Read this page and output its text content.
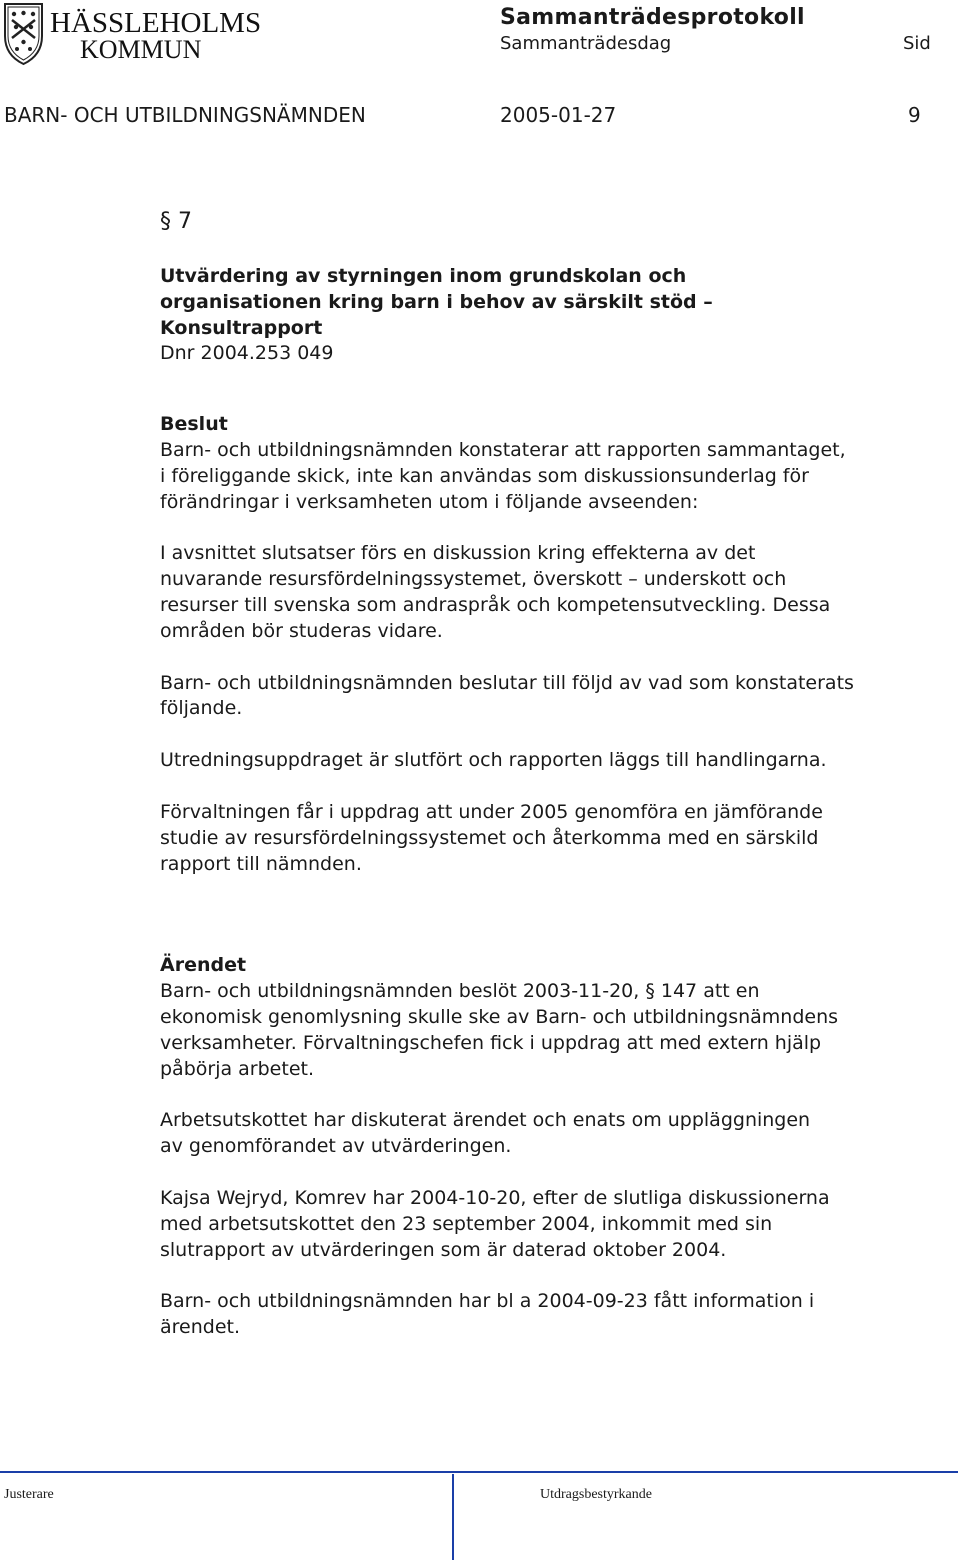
HÄSSLEHOLMS
KOMMUN
Sammanträdesprotokoll
Sammanträdesdag	Sid
BARN- OCH UTBILDNINGSNÄMNDEN	2005-01-27	9
§ 7
Utvärdering av styrningen inom grundskolan och
organisationen kring barn i behov av särskilt stöd –
Konsultrapport
Dnr 2004.253 049
Beslut

Barn- och utbildningsnämnden konstaterar att rapporten sammantaget,
i föreliggande skick, inte kan användas som diskussionsunderlag för
förändringar i verksamheten utom i följande avseenden:

I avsnittet slutsatser förs en diskussion kring effekterna av det
nuvarande resursfördelningssystemet, överskott – underskott och
resurser till svenska som andraspråk och kompetensutveckling. Dessa
områden bör studeras vidare.

Barn- och utbildningsnämnden beslutar till följd av vad som konstaterats
följande.

Utredningsuppdraget är slutfört och rapporten läggs till handlingarna.

Förvaltningen får i uppdrag att under 2005 genomföra en jämförande
studie av resursfördelningssystemet och återkomma med en särskild
rapport till nämnden.

Ärendet

Barn- och utbildningsnämnden beslöt 2003-11-20, § 147 att en
ekonomisk genomlysning skulle ske av Barn- och utbildningsnämndens
verksamheter. Förvaltningschefen fick i uppdrag att med extern hjälp
påbörja arbetet.

Arbetsutskottet har diskuterat ärendet och enats om uppläggningen
av genomförandet av utvärderingen.

Kajsa Wejryd, Komrev har 2004-10-20, efter de slutliga diskussionerna
med arbetsutskottet den 23 september 2004, inkommit med sin
slutrapport av utvärderingen som är daterad oktober 2004.

Barn- och utbildningsnämnden har bl a 2004-09-23 fått information i
ärendet.

Justerare	Utdragsbestyrkande
